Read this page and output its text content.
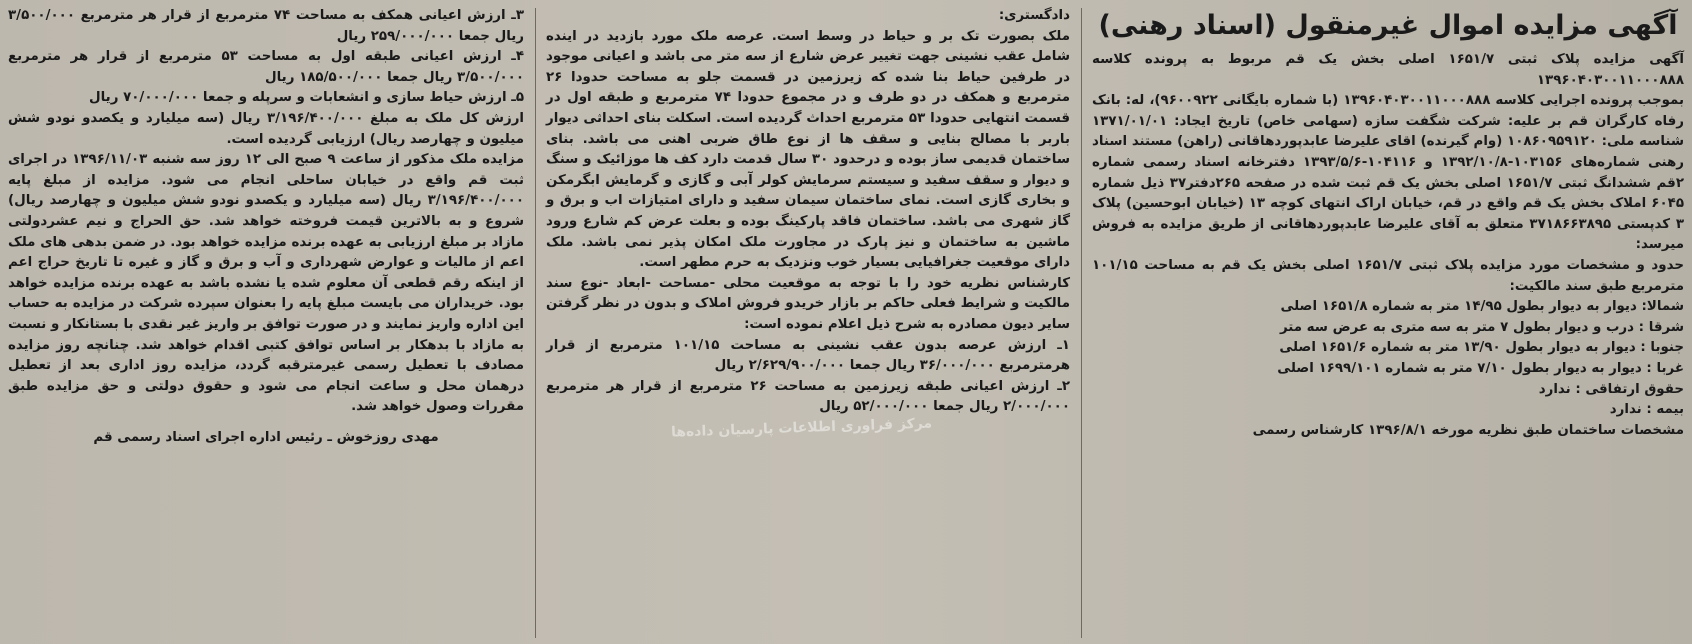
آگهی مزایده اموال غیرمنقول (اسناد رهنی)

آگهی مزایده پلاک ثبتی ۱۶۵۱/۷ اصلی بخش یک قم مربوط به پرونده کلاسه ۱۳۹۶۰۴۰۳۰۰۱۱۰۰۰۸۸۸

بموجب پرونده اجرایی کلاسه ۱۳۹۶۰۴۰۳۰۰۱۱۰۰۰۸۸۸ (با شماره بایگانی ۹۶۰۰۹۲۲)، له: بانک رفاه کارگران قم بر علیه: شرکت شگفت سازه (سهامی خاص) تاریخ ایجاد: ۱۳۷۱/۰۱/۰۱ شناسه ملی: ۱۰۸۶۰۹۵۹۱۲۰ (وام گیرنده) اقای علیرضا عابدپوردهاقانی (راهن) مستند اسناد رهنی شماره‌های ۱۰۳۱۵۶-۱۳۹۲/۱۰/۸ و ۱۰۴۱۱۶-۱۳۹۳/۵/۶ دفترخانه اسناد رسمی شماره ۲قم ششدانگ ثبتی ۱۶۵۱/۷ اصلی بخش یک قم ثبت شده در صفحه ۲۶۵دفتر۳۷ ذیل شماره ۶۰۴۵ املاک بخش یک قم واقع در قم، خیابان اراک انتهای کوچه ۱۳ (خیابان ابوحسین) پلاک ۳ کدپستی ۳۷۱۸۶۶۳۸۹۵ متعلق به آقای علیرضا عابدپوردهاقانی از طریق مزایده به فروش میرسد:

حدود و مشخصات مورد مزایده پلاک ثبتی ۱۶۵۱/۷ اصلی بخش یک قم به مساحت ۱۰۱/۱۵ مترمربع طبق سند مالکیت:

شمالا: دیوار به دیوار بطول ۱۴/۹۵ متر به شماره ۱۶۵۱/۸ اصلی

شرقا : درب و دیوار بطول ۷ متر به سه متری به عرض سه متر

جنوبا : دیوار به دیوار بطول ۱۳/۹۰ متر به شماره ۱۶۵۱/۶ اصلی

غربا : دیوار به دیوار بطول ۷/۱۰ متر به شماره ۱۶۹۹/۱۰۱ اصلی

حقوق ارتفاقی : ندارد

بیمه : ندارد

مشخصات ساختمان طبق نظریه مورخه ۱۳۹۶/۸/۱ کارشناس رسمی

دادگستری:

ملک بصورت تک بر و حیاط در وسط است. عرصه ملک مورد بازدید در اینده شامل عقب نشینی جهت تغییر عرض شارع از سه متر می باشد و اعیانی موجود در طرفین حیاط بنا شده که زیرزمین در قسمت جلو به مساحت حدودا ۲۶ مترمربع و همکف در دو طرف و در مجموع حدودا ۷۴ مترمربع و طبقه اول در قسمت انتهایی حدودا ۵۳ مترمربع احداث گردیده است. اسکلت بنای احداثی دیوار باربر با مصالح بنایی و سقف ها از نوع طاق ضربی اهنی می باشد. بنای ساختمان قدیمی ساز بوده و درحدود ۳۰ سال قدمت دارد کف ها موزائیک و سنگ و دیوار و سقف سفید و سیستم سرمایش کولر آبی و گازی و گرمایش ابگرمکن و بخاری گازی است. نمای ساختمان سیمان سفید و دارای امتیازات اب و برق و گاز شهری می باشد. ساختمان فاقد پارکینگ بوده و بعلت عرض کم شارع ورود ماشین به ساختمان و نیز پارک در مجاورت ملک امکان پذیر نمی باشد. ملک دارای موقعیت جغرافیایی بسیار خوب ونزدیک به حرم مطهر است.

کارشناس نظریه خود را با توجه به موقعیت محلی -مساحت -ابعاد -نوع سند مالکیت و شرایط فعلی حاکم بر بازار خریدو فروش املاک و بدون در نظر گرفتن سایر دیون مصادره به شرح ذیل اعلام نموده است:

۱ـ ارزش عرصه بدون عقب نشینی به مساحت ۱۰۱/۱۵ مترمربع از قرار هرمترمربع ۳۶/۰۰۰/۰۰۰ ریال جمعا ۲/۶۲۹/۹۰۰/۰۰۰ ریال

۲ـ ارزش اعیانی طبقه زیرزمین به مساحت ۲۶ مترمربع از قرار هر مترمربع ۲/۰۰۰/۰۰۰ ریال جمعا ۵۲/۰۰۰/۰۰۰ ریال

۳ـ ارزش اعیانی همکف به مساحت ۷۴ مترمربع از قرار هر مترمربع ۳/۵۰۰/۰۰۰ ریال جمعا ۲۵۹/۰۰۰/۰۰۰ ریال

۴ـ ارزش اعیانی طبقه اول به مساحت ۵۳ مترمربع از قرار هر مترمربع ۳/۵۰۰/۰۰۰ ریال جمعا ۱۸۵/۵۰۰/۰۰۰ ریال

۵ـ ارزش حیاط سازی و انشعابات و سرپله و جمعا ۷۰/۰۰۰/۰۰۰ ریال

ارزش کل ملک به مبلغ ۳/۱۹۶/۴۰۰/۰۰۰ ریال (سه میلیارد و یکصدو نودو شش میلیون و چهارصد ریال) ارزیابی گردیده است.

مزایده ملک مذکور از ساعت ۹ صبح الی ۱۲ روز سه شنبه ۱۳۹۶/۱۱/۰۳ در اجرای ثبت قم واقع در خیابان ساحلی انجام می شود. مزایده از مبلغ پایه ۳/۱۹۶/۴۰۰/۰۰۰ ریال (سه میلیارد و یکصدو نودو شش میلیون و چهارصد ریال) شروع و به بالاترین قیمت فروخته خواهد شد. حق الحراج و نیم عشردولتی مازاد بر مبلغ ارزیابی به عهده برنده مزایده خواهد بود. در ضمن بدهی های ملک اعم از مالیات و عوارض شهرداری و آب و برق و گاز و غیره تا تاریخ حراج اعم از اینکه رقم قطعی آن معلوم شده یا نشده باشد به عهده برنده مزایده خواهد بود. خریداران می بایست مبلغ پایه را بعنوان سپرده شرکت در مزایده به حساب این اداره واریز نمایند و در صورت توافق بر واریز غیر نقدی با بستانکار و نسبت به مازاد با بدهکار بر اساس توافق کتبی اقدام خواهد شد. چنانچه روز مزایده مصادف با تعطیل رسمی غیرمترقبه گردد، مزایده روز اداری بعد از تعطیل درهمان محل و ساعت انجام می شود و حقوق دولتی و حق مزایده طبق مقررات وصول خواهد شد.

مهدی روزخوش ـ رئیس اداره اجرای اسناد رسمی قم	مرکز فراوری اطلاعات پارسیان داده‌ها
